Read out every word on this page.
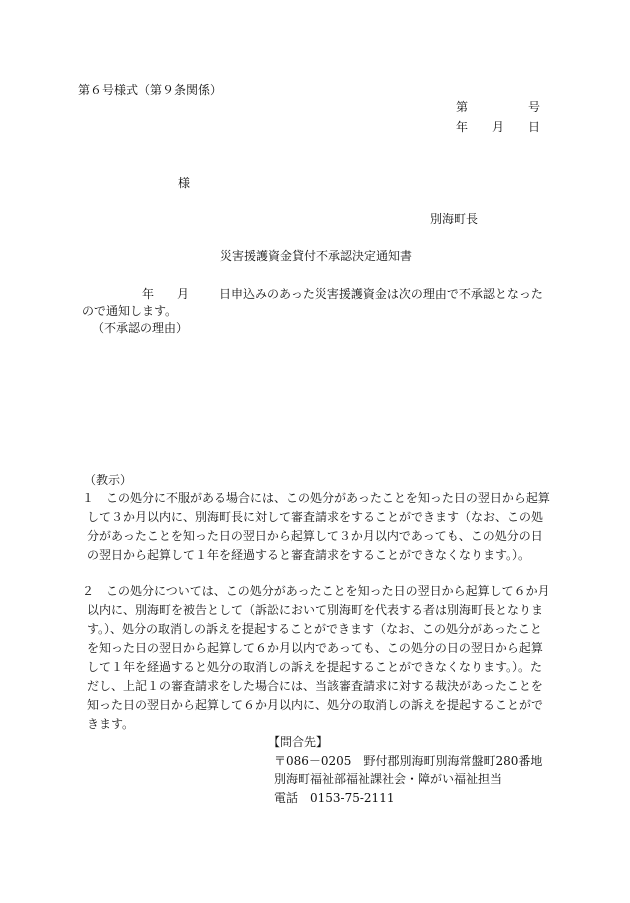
第６号様式（第９条関係）
第	号
年 月 日
様
別海町長
災害援護資金貸付不承認決定通知書
年 月 日申込みのあった災害援護資金は次の理由で不承認となった
ので通知します。
（不承認の理由）
（教示）
１　この処分に不服がある場合には、この処分があったことを知った日の翌日から起算
して３か月以内に、別海町長に対して審査請求をすることができます（なお、この処
分があったことを知った日の翌日から起算して３か月以内であっても、この処分の日
の翌日から起算して１年を経過すると審査請求をすることができなくなります。）。
２　この処分については、この処分があったことを知った日の翌日から起算して６か月
以内に、別海町を被告として（訴訟において別海町を代表する者は別海町長となりま
す。）、処分の取消しの訴えを提起することができます（なお、この処分があったこと
を知った日の翌日から起算して６か月以内であっても、この処分の日の翌日から起算
して１年を経過すると処分の取消しの訴えを提起することができなくなります。）。た
だし、上記１の審査請求をした場合には、当該審査請求に対する裁決があったことを
知った日の翌日から起算して６か月以内に、処分の取消しの訴えを提起することがで
きます。
【問合先】
〒086－0205　野付郡別海町別海常盤町280番地
別海町福祉部福祉課社会・障がい福祉担当
電話　0153-75-2111
